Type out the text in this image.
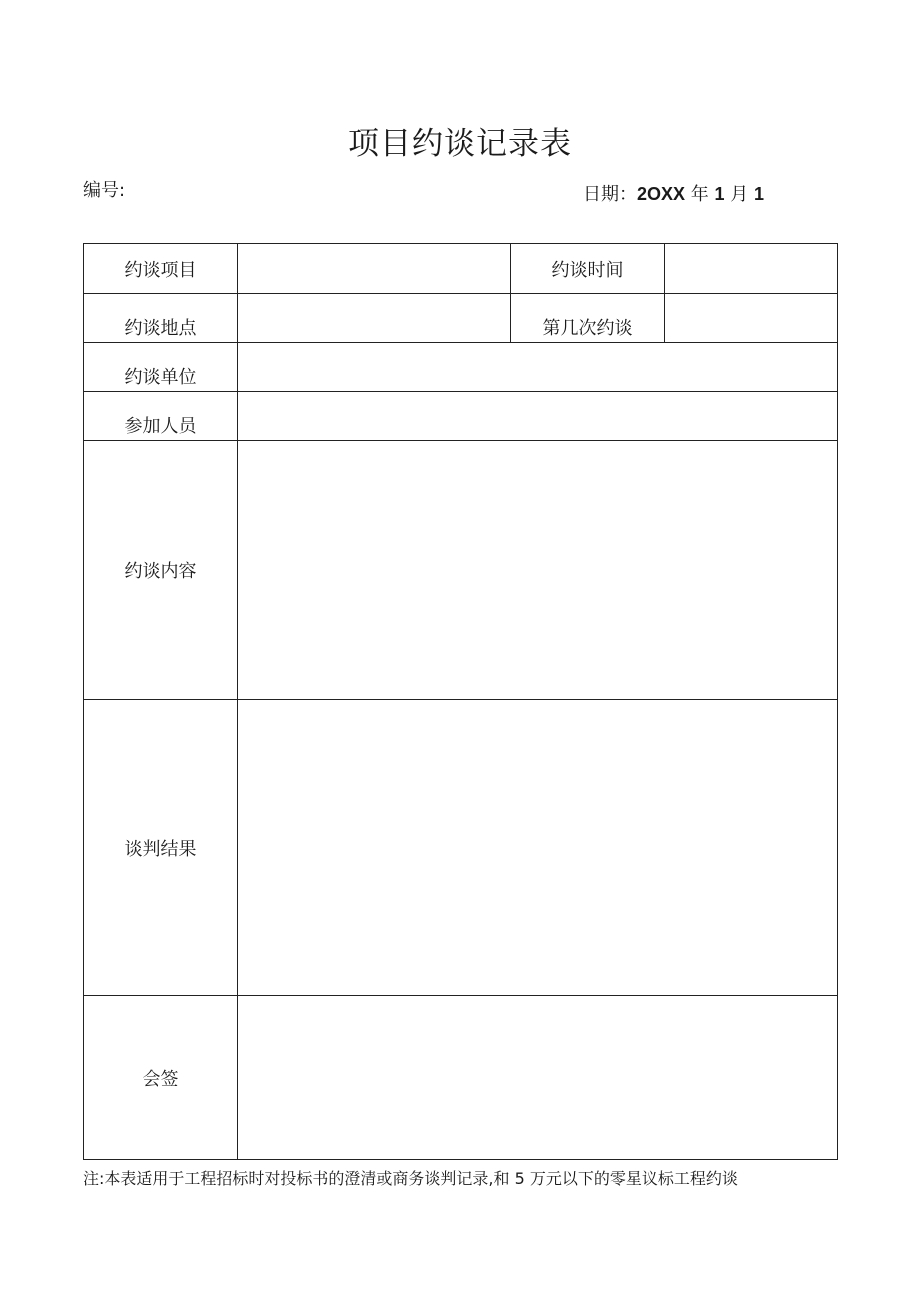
项目约谈记录表
编号:	日期：2OXX 年 1 月 1
约谈项目		约谈时间	
约谈地点		第几次约谈	
约谈单位			
参加人员			
约谈内容			
谈判结果			
会签			
注:本表适用于工程招标时对投标书的澄清或商务谈判记录,和 5 万元以下的零星议标工程约谈
